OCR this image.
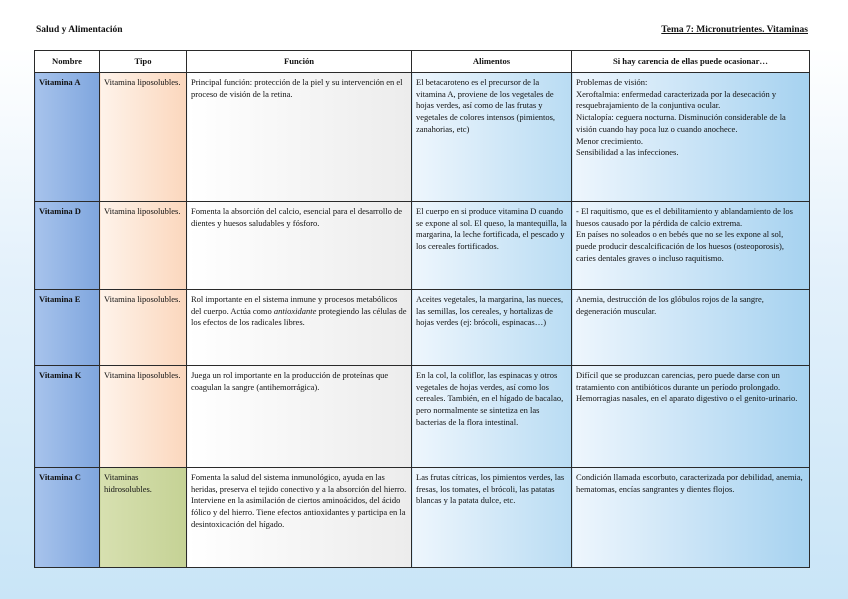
Salud y Alimentación	Tema 7: Micronutrientes. Vitaminas
Nombre	Tipo	Función	Alimentos	Si hay carencia de ellas puede ocasionar…
Vitamina A	Vitamina liposolubles.	Principal función: protección de la piel y su intervención en el proceso de visión de la retina.	El betacaroteno es el precursor de la vitamina A, proviene de los vegetales de hojas verdes, así como de las frutas y vegetales de colores intensos (pimientos, zanahorias, etc)	Problemas de visión:
Xeroftalmia: enfermedad caracterizada por la desecación y resquebrajamiento de la conjuntiva ocular.
Nictalopía: ceguera nocturna. Disminución considerable de la visión cuando hay poca luz o cuando anochece.
Menor crecimiento.
Sensibilidad a las infecciones.

Vitamina D	Vitamina liposolubles.	Fomenta la absorción del calcio, esencial para el desarrollo de dientes y huesos saludables y fósforo.	El cuerpo en si produce vitamina D cuando se expone al sol. El queso, la mantequilla, la margarina, la leche fortificada, el pescado y los cereales fortificados.	- El raquitismo, que es el debilitamiento y ablandamiento de los huesos causado por la pérdida de calcio extrema.
En países no soleados o en bebés que no se les expone al sol, puede producir descalcificación de los huesos (osteoporosis), caries dentales graves o incluso raquitismo.

Vitamina E	Vitamina liposolubles.	Rol importante en el sistema inmune y procesos metabólicos del cuerpo. Actúa como antioxidante protegiendo las células de los efectos de los radicales libres.	Aceites vegetales, la margarina, las nueces, las semillas, los cereales, y hortalizas de hojas verdes (ej: brócoli, espinacas…)	Anemia, destrucción de los glóbulos rojos de la sangre, degeneración muscular.

Vitamina K	Vitamina liposolubles.	Juega un rol importante en la producción de proteínas que coagulan la sangre (antihemorrágica).	En la col, la coliflor, las espinacas y otros vegetales de hojas verdes, así como los cereales. También, en el hígado de bacalao, pero normalmente se sintetiza en las bacterias de la flora intestinal.	Difícil que se produzcan carencias, pero puede darse con un tratamiento con antibióticos durante un período prolongado.
Hemorragias nasales, en el aparato digestivo o el genito-urinario.

Vitamina C	Vitaminas hidrosolubles.	Fomenta la salud del sistema inmunológico, ayuda en las heridas, preserva el tejido conectivo y a la absorción del hierro. Interviene en la asimilación de ciertos aminoácidos, del ácido fólico y del hierro. Tiene efectos antioxidantes y participa en la desintoxicación del hígado.	Las frutas cítricas, los pimientos verdes, las fresas, los tomates, el brócoli, las patatas blancas y la patata dulce, etc.	Condición llamada escorbuto, caracterizada por debilidad, anemia, hematomas, encías sangrantes y dientes flojos.
